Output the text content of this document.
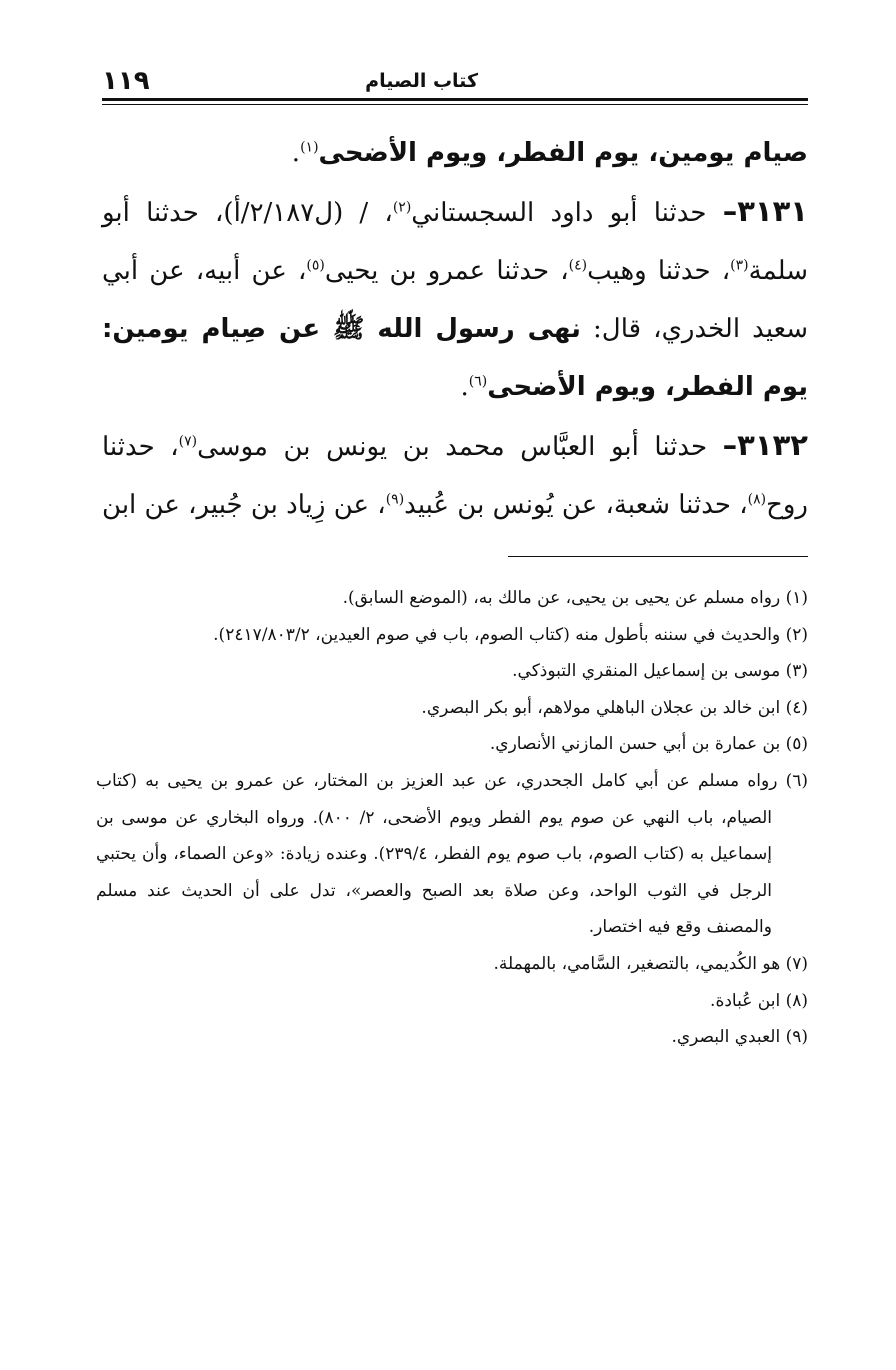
كتاب الصيام
١١٩

صيام يومين، يوم الفطر، ويوم الأضحى$^{(١)}$.

٣١٣١– حدثنا أبو داود السجستاني$^{(٢)}$، / (ل٢/١٨٧/أ)، حدثنا أبو سلمة$^{(٣)}$، حدثنا وهيب$^{(٤)}$، حدثنا عمرو بن يحيى$^{(٥)}$، عن أبيه، عن أبي سعيد الخدري، قال: نهى رسول الله ﷺ عن صِيام يومين: يوم الفطر، ويوم الأضحى$^{(٦)}$.

٣١٣٢– حدثنا أبو العبَّاس محمد بن يونس بن موسى$^{(٧)}$، حدثنا روح$^{(٨)}$، حدثنا شعبة، عن يُونس بن عُبيد$^{(٩)}$، عن زِياد بن جُبير، عن ابن

(١) رواه مسلم عن يحيى بن يحيى، عن مالك به، (الموضع السابق).

(٢) والحديث في سننه بأطول منه (كتاب الصوم، باب في صوم العيدين، ٢٤١٧/٨٠٣/٢).

(٣) موسى بن إسماعيل المنقري التبوذكي.

(٤) ابن خالد بن عجلان الباهلي مولاهم، أبو بكر البصري.

(٥) بن عمارة بن أبي حسن المازني الأنصاري.

(٦) رواه مسلم عن أبي كامل الجحدري، عن عبد العزيز بن المختار، عن عمرو بن يحيى به (كتاب الصيام، باب النهي عن صوم يوم الفطر ويوم الأضحى، ٢/ ٨٠٠). ورواه البخاري عن موسى بن إسماعيل به (كتاب الصوم، باب صوم يوم الفطر، ٢٣٩/٤). وعنده زيادة: «وعن الصماء، وأن يحتبي الرجل في الثوب الواحد، وعن صلاة بعد الصبح والعصر»، تدل على أن الحديث عند مسلم والمصنف وقع فيه اختصار.

(٧) هو الكُديمي، بالتصغير، السَّامي، بالمهملة.

(٨) ابن عُبادة.

(٩) العبدي البصري.
